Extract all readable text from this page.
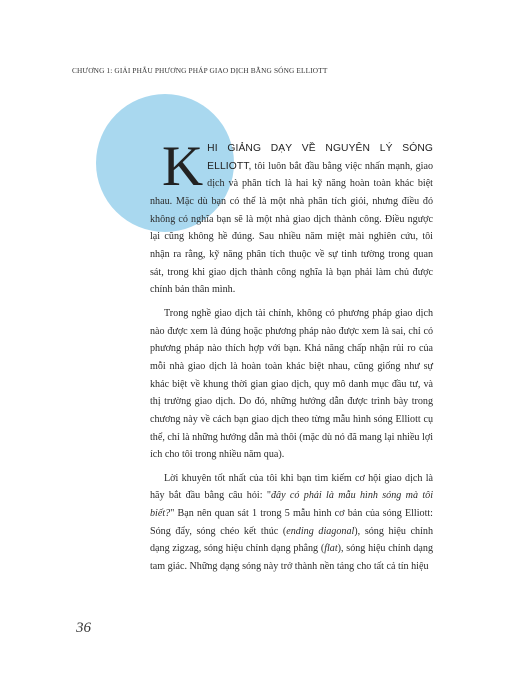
CHƯƠNG 1: GIẢI PHẪU PHƯƠNG PHÁP GIAO DỊCH BẰNG SÓNG ELLIOTT

KHI GIẢNG DẠY VỀ NGUYÊN LÝ SÓNG ELLIOTT, tôi luôn bắt đầu bằng việc nhấn mạnh, giao dịch và phân tích là hai kỹ năng hoàn toàn khác biệt nhau. Mặc dù bạn có thể là một nhà phân tích giỏi, nhưng điều đó không có nghĩa bạn sẽ là một nhà giao dịch thành công. Điều ngược lại cũng không hề đúng. Sau nhiều năm miệt mài nghiên cứu, tôi nhận ra rằng, kỹ năng phân tích thuộc về sự tinh tường trong quan sát, trong khi giao dịch thành công nghĩa là bạn phải làm chủ được chính bản thân mình.

Trong nghề giao dịch tài chính, không có phương pháp giao dịch nào được xem là đúng hoặc phương pháp nào được xem là sai, chỉ có phương pháp nào thích hợp với bạn. Khả năng chấp nhận rủi ro của mỗi nhà giao dịch là hoàn toàn khác biệt nhau, cũng giống như sự khác biệt về khung thời gian giao dịch, quy mô danh mục đầu tư, và thị trường giao dịch. Do đó, những hướng dẫn được trình bày trong chương này về cách bạn giao dịch theo từng mẫu hình sóng Elliott cụ thể, chỉ là những hướng dẫn mà thôi (mặc dù nó đã mang lại nhiều lợi ích cho tôi trong nhiều năm qua).

Lời khuyên tốt nhất của tôi khi bạn tìm kiếm cơ hội giao dịch là hãy bắt đầu bằng câu hỏi: "đây có phải là mẫu hình sóng mà tôi biết?" Bạn nên quan sát 1 trong 5 mẫu hình cơ bản của sóng Elliott: Sóng đẩy, sóng chéo kết thúc (ending diagonal), sóng hiệu chỉnh dạng zigzag, sóng hiệu chỉnh dạng phẳng (flat), sóng hiệu chỉnh dạng tam giác. Những dạng sóng này trở thành nền tảng cho tất cả tín hiệu

36
